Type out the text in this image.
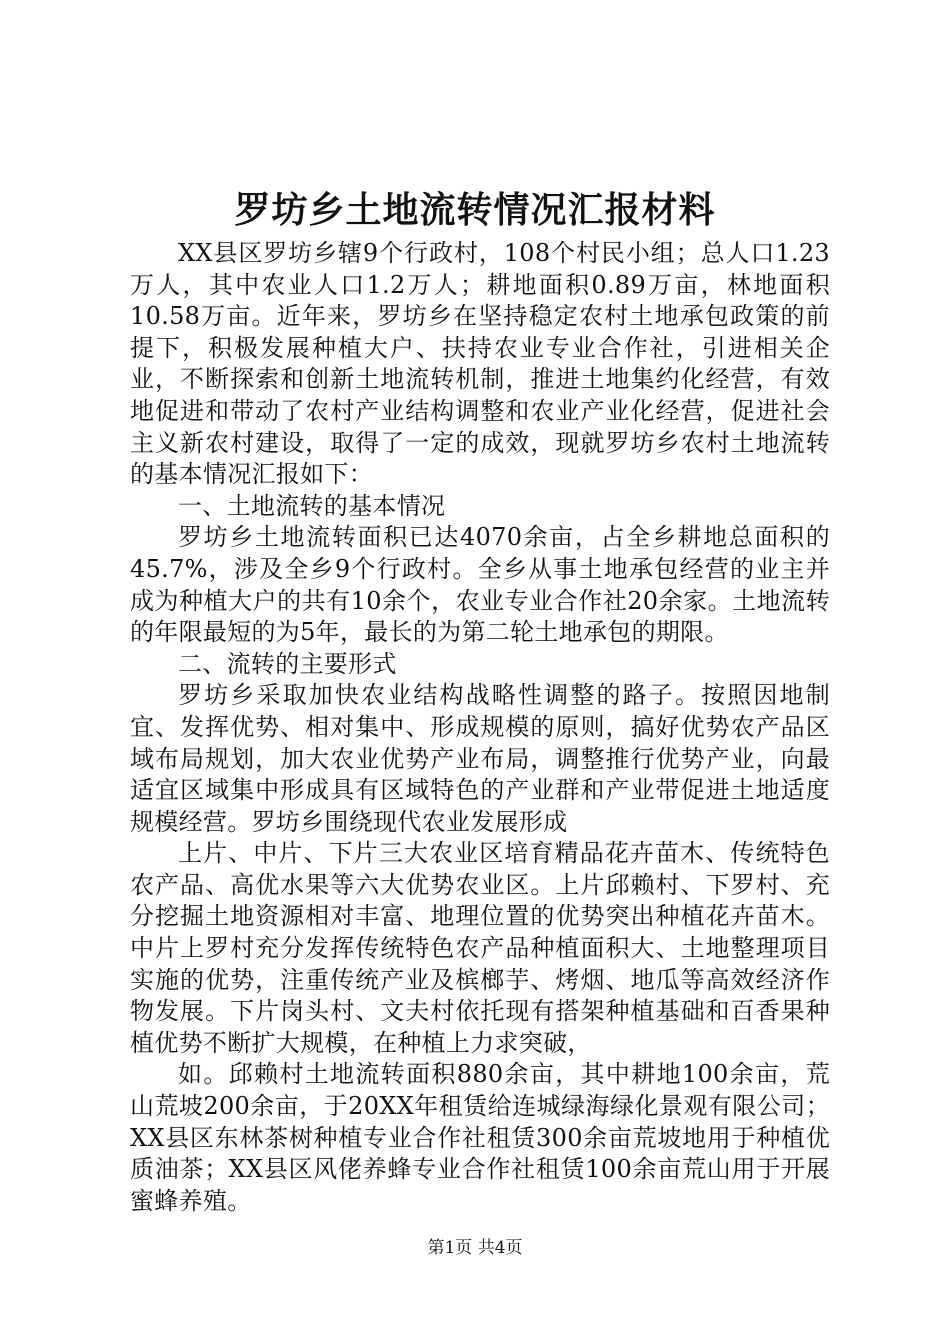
罗坊乡土地流转情况汇报材料

XX县区罗坊乡辖9个行政村，108个村民小组；总人口1.23万人，其中农业人口1.2万人；耕地面积0.89万亩，林地面积10.58万亩。近年来，罗坊乡在坚持稳定农村土地承包政策的前提下，积极发展种植大户、扶持农业专业合作社，引进相关企业，不断探索和创新土地流转机制，推进土地集约化经营，有效地促进和带动了农村产业结构调整和农业产业化经营，促进社会主义新农村建设，取得了一定的成效，现就罗坊乡农村土地流转的基本情况汇报如下：

一、土地流转的基本情况

罗坊乡土地流转面积已达4070余亩，占全乡耕地总面积的45.7%，涉及全乡9个行政村。全乡从事土地承包经营的业主并成为种植大户的共有10余个，农业专业合作社20余家。土地流转的年限最短的为5年，最长的为第二轮土地承包的期限。

二、流转的主要形式

罗坊乡采取加快农业结构战略性调整的路子。按照因地制宜、发挥优势、相对集中、形成规模的原则，搞好优势农产品区域布局规划，加大农业优势产业布局，调整推行优势产业，向最适宜区域集中形成具有区域特色的产业群和产业带促进土地适度规模经营。罗坊乡围绕现代农业发展形成

上片、中片、下片三大农业区培育精品花卉苗木、传统特色农产品、高优水果等六大优势农业区。上片邱赖村、下罗村、充分挖掘土地资源相对丰富、地理位置的优势突出种植花卉苗木。中片上罗村充分发挥传统特色农产品种植面积大、土地整理项目实施的优势，注重传统产业及槟榔芋、烤烟、地瓜等高效经济作物发展。下片岗头村、文夫村依托现有搭架种植基础和百香果种植优势不断扩大规模，在种植上力求突破，

如。邱赖村土地流转面积880余亩，其中耕地100余亩，荒山荒坡200余亩，于20XX年租赁给连城绿海绿化景观有限公司；XX县区东林茶树种植专业合作社租赁300余亩荒坡地用于种植优质油茶；XX县区风佬养蜂专业合作社租赁100余亩荒山用于开展蜜蜂养殖。

第1页 共4页
